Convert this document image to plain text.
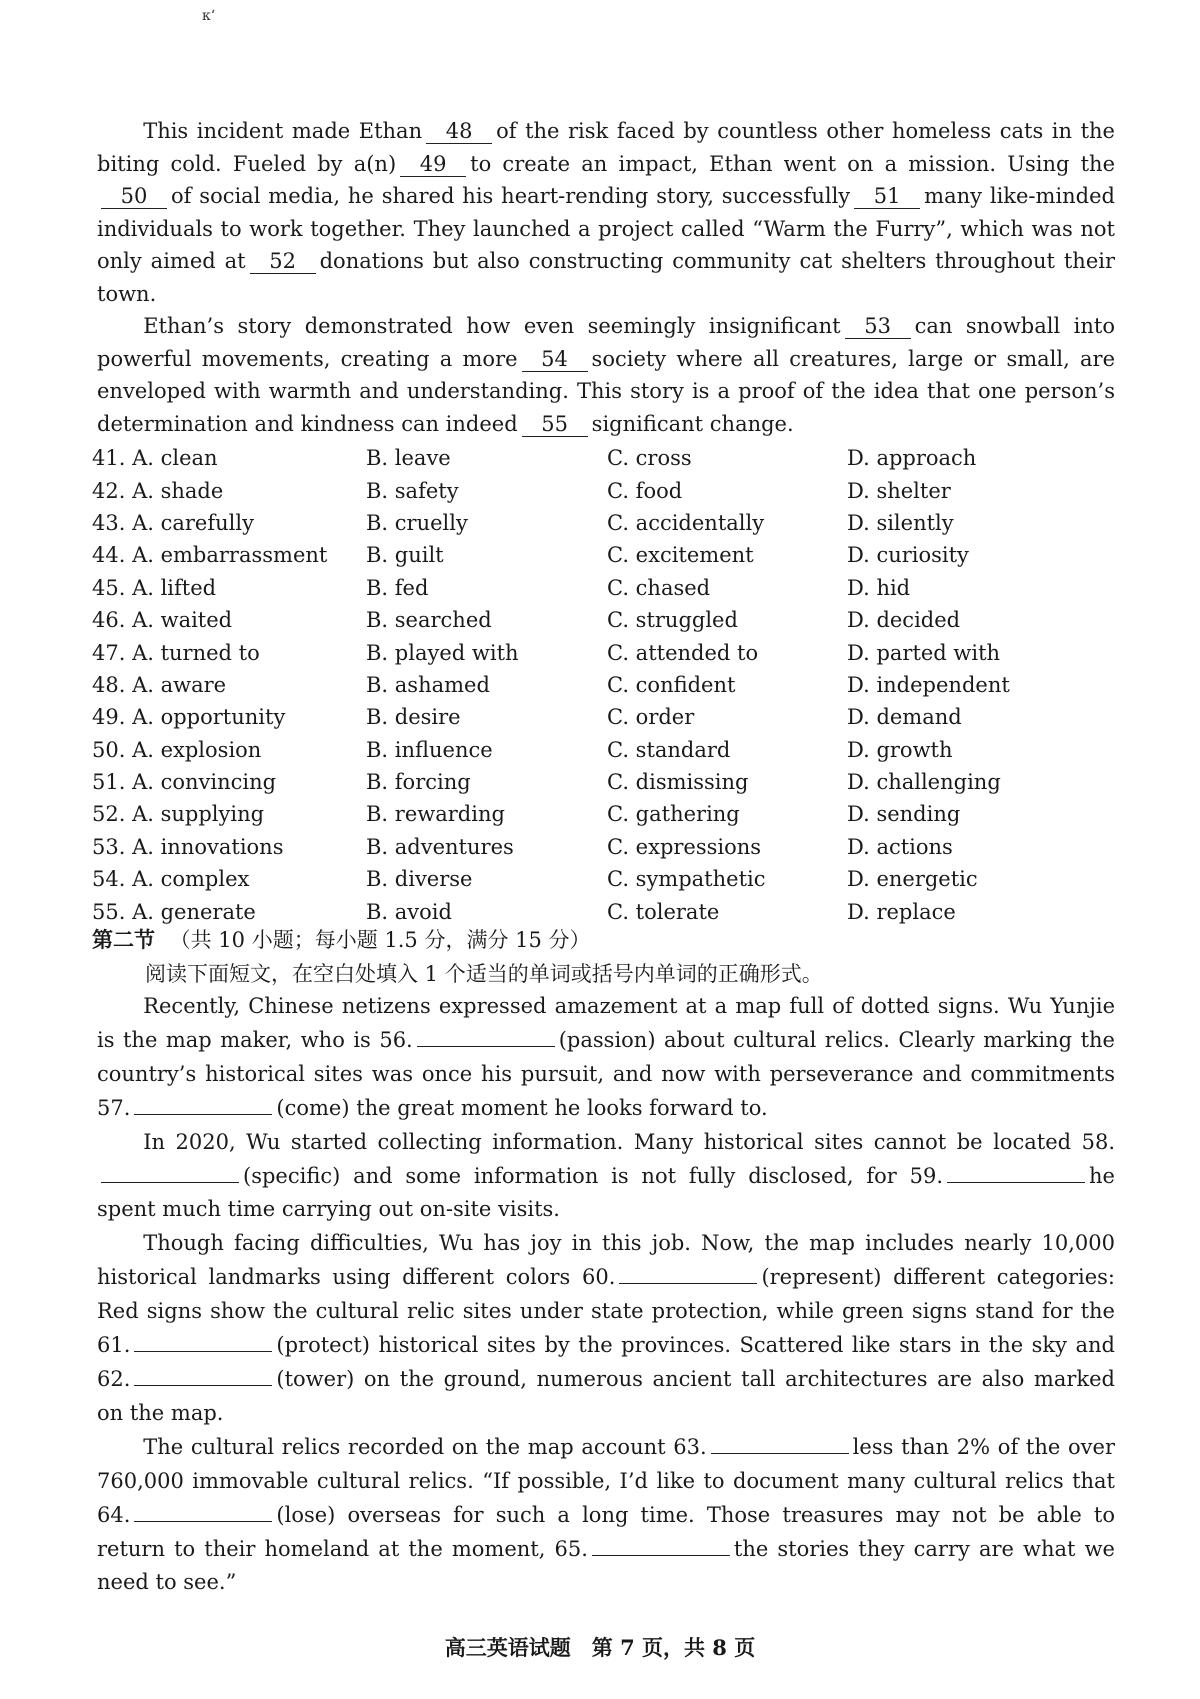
κʻ

This incident made Ethan 48 of the risk faced by countless other homeless cats in the biting cold. Fueled by a(n) 49 to create an impact, Ethan went on a mission. Using the50 of social media, he shared his heart-rending story, successfully 51 many like-minded individuals to work together. They launched a project called “Warm the Furry”, which was not only aimed at 52 donations but also constructing community cat shelters throughout their town.

Ethan’s story demonstrated how even seemingly insignificant 53 can snowball into powerful movements, creating a more 54 society where all creatures, large or small, are enveloped with warmth and understanding. This story is a proof of the idea that one person’s determination and kindness can indeed 55 significant change.

41. A. clean	B. leave	C. cross	D. approach
42. A. shade	B. safety	C. food	D. shelter
43. A. carefully	B. cruelly	C. accidentally	D. silently
44. A. embarrassment	B. guilt	C. excitement	D. curiosity
45. A. lifted	B. fed	C. chased	D. hid
46. A. waited	B. searched	C. struggled	D. decided
47. A. turned to	B. played with	C. attended to	D. parted with
48. A. aware	B. ashamed	C. confident	D. independent
49. A. opportunity	B. desire	C. order	D. demand
50. A. explosion	B. influence	C. standard	D. growth
51. A. convincing	B. forcing	C. dismissing	D. challenging
52. A. supplying	B. rewarding	C. gathering	D. sending
53. A. innovations	B. adventures	C. expressions	D. actions
54. A. complex	B. diverse	C. sympathetic	D. energetic
55. A. generate	B. avoid	C. tolerate	D. replace
第二节 （共 10 小题；每小题 1.5 分，满分 15 分）
阅读下面短文，在空白处填入 1 个适当的单词或括号内单词的正确形式。

Recently, Chinese netizens expressed amazement at a map full of dotted signs. Wu Yunjie is the map maker, who is 56.	(passion) about cultural relics. Clearly marking the country’s historical sites was once his pursuit, and now with perseverance and commitments 57.	(come) the great moment he looks forward to.

In 2020, Wu started collecting information. Many historical sites cannot be located 58.(specific) and some information is not fully disclosed, for 59.	he spent much time carrying out on-site visits.

Though facing difficulties, Wu has joy in this job. Now, the map includes nearly 10,000 historical landmarks using different colors 60.	(represent) different categories: Red signs show the cultural relic sites under state protection, while green signs stand for the 61.	(protect) historical sites by the provinces. Scattered like stars in the sky and 62.	(tower) on the ground, numerous ancient tall architectures are also marked on the map.

The cultural relics recorded on the map account 63.	less than 2% of the over 760,000 immovable cultural relics. “If possible, I’d like to document many cultural relics that 64.	(lose) overseas for such a long time. Those treasures may not be able to return to their homeland at the moment, 65.	the stories they carry are what we need to see.”

高三英语试题　第 7 页，共 8 页
